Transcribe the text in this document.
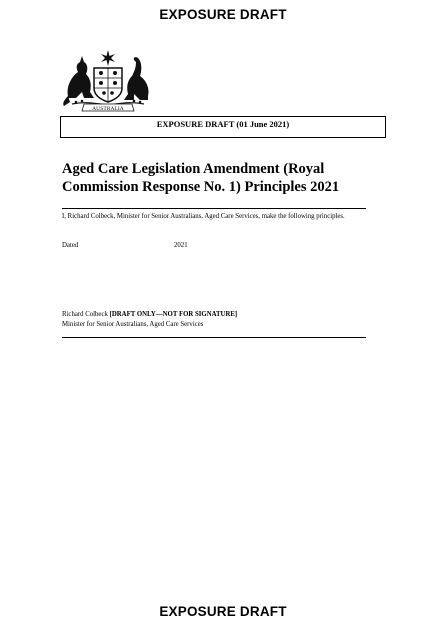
EXPOSURE DRAFT
AUSTRALIA
EXPOSURE DRAFT (01 June 2021)
Aged Care Legislation Amendment (Royal
Commission Response No. 1) Principles 2021
I, Richard Colbeck, Minister for Senior Australians, Aged Care Services, make the following principles.
Dated	2021
Richard Colbeck [DRAFT ONLY—NOT FOR SIGNATURE]
Minister for Senior Australians, Aged Care Services
EXPOSURE DRAFT
